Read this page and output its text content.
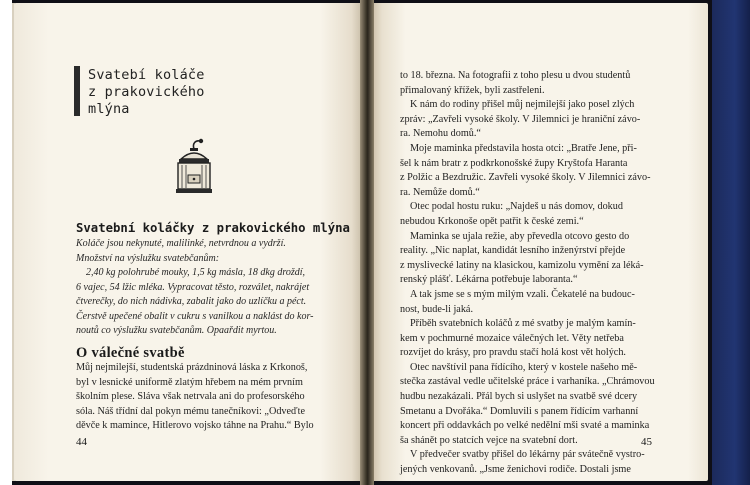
Svatebí koláče
z prakovického
mlýna
Svatební koláčky z prakovického mlýna
Koláče jsou nekynuté, malilinké, netvrdnou a vydrží.
Množství na výslužku svatebčanům:
2,40 kg polohrubé mouky, 1,5 kg másla, 18 dkg droždí,
6 vajec, 54 lžic mléka. Vypracovat těsto, rozválet, nakrájet
čtverečky, do nich nádivka, zabalit jako do uzlíčku a péct.
Čerstvě upečené obalit v cukru s vanilkou a naklást do kor-
noutů co výslužku svatebčanům. Opaařdit myrtou.
O válečné svatbě
Můj nejmilejší, studentská prázdninová láska z Krkonoš,
byl v lesnické uniformě zlatým hřebem na mém prvním
školním plese. Sláva však netrvala ani do profesorského
sóla. Náš třídní dal pokyn mému tanečníkovi: „Odveďte
děvče k mamince, Hitlerovo vojsko táhne na Prahu.“ Bylo
44
to 18. března. Na fotografii z toho plesu u dvou studentů
přimalovaný křížek, byli zastřeleni.
K nám do rodiny přišel můj nejmilejší jako posel zlých
zpráv: „Zavřeli vysoké školy. V Jilemnici je hraniční závo-
ra. Nemohu domů.“
Moje maminka představila hosta otci: „Bratře Jene, při-
šel k nám bratr z podkrkonošské župy Kryštofa Haranta
z Polžic a Bezdružic. Zavřeli vysoké školy. V Jilemnici závo-
ra. Nemůže domů.“
Otec podal hostu ruku: „Najdeš u nás domov, dokud
nebudou Krkonoše opět patřit k české zemi.“
Maminka se ujala režie, aby převedla otcovo gesto do
reality. „Nic naplat, kandidát lesního inženýrství přejde
z myslivecké latiny na klasickou, kamizolu vymění za léká-
renský plášť. Lékárna potřebuje laboranta.“
A tak jsme se s mým milým vzali. Čekatelé na budouc-
nost, bude-li jaká.
Příběh svatebních koláčů z mé svatby je malým kamín-
kem v pochmurné mozaice válečných let. Věty netřeba
rozvíjet do krásy, pro pravdu stačí holá kost vět holých.
Otec navštívil pana řídícího, který v kostele našeho mě-
stečka zastával vedle učitelské práce i varhaníka. „Chrámovou
hudbu nezakázali. Přál bych si uslyšet na svatbě své dcery
Smetanu a Dvořáka.“ Domluvili s panem řídícím varhanní
koncert při oddavkách po velké nedělní mši svaté a maminka
ša shánět po statcích vejce na svatební dort.
V předvečer svatby přišel do lékárny pár svátečně vystro-
jených venkovanů. „Jsme ženichovi rodiče. Dostali jsme
45
